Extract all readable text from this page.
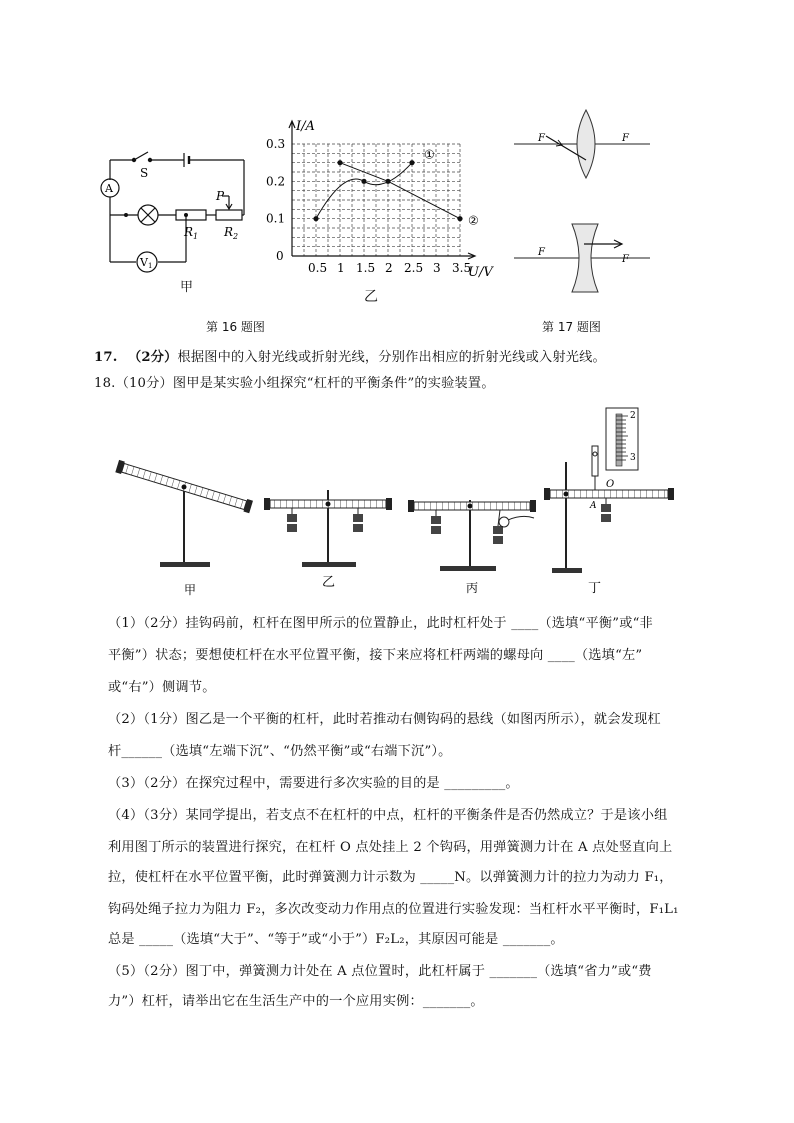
A
V1
S
P
$R_1$ $R_2$
甲
0.5 1 1.5 2 2.5 3 3.5
0
0.1
0.2
0.3
①
②
I/A
U/V
乙
第 16 题图
F	F
F
F
第 17 题图
17. （2分）根据图中的入射光线或折射光线，分别作出相应的折射光线或入射光线。
18.（10分）图甲是某实验小组探究“杠杆的平衡条件”的实验装置。
2
3
O
A
甲	乙	丙	丁
（1）（2分）挂钩码前，杠杆在图甲所示的位置静止，此时杠杆处于 ____（选填“平衡”或“非
平衡”）状态；要想使杠杆在水平位置平衡，接下来应将杠杆两端的螺母向 ____（选填“左”
或“右”）侧调节。
（2）（1分）图乙是一个平衡的杠杆，此时若推动右侧钩码的悬线（如图丙所示），就会发现杠
杆______（选填“左端下沉”、“仍然平衡”或“右端下沉”）。
（3）（2分）在探究过程中，需要进行多次实验的目的是 _________。
（4）（3分）某同学提出，若支点不在杠杆的中点，杠杆的平衡条件是否仍然成立？于是该小组
利用图丁所示的装置进行探究，在杠杆 O 点处挂上 2 个钩码，用弹簧测力计在 A 点处竖直向上
拉，使杠杆在水平位置平衡，此时弹簧测力计示数为 _____N。以弹簧测力计的拉力为动力 F₁，
钩码处绳子拉力为阻力 F₂，多次改变动力作用点的位置进行实验发现：当杠杆水平平衡时，F₁L₁
总是 _____（选填“大于”、“等于”或“小于”）F₂L₂，其原因可能是 _______。
（5）（2分）图丁中，弹簧测力计处在 A 点位置时，此杠杆属于 _______（选填“省力”或“费
力”）杠杆，请举出它在生活生产中的一个应用实例：_______。
